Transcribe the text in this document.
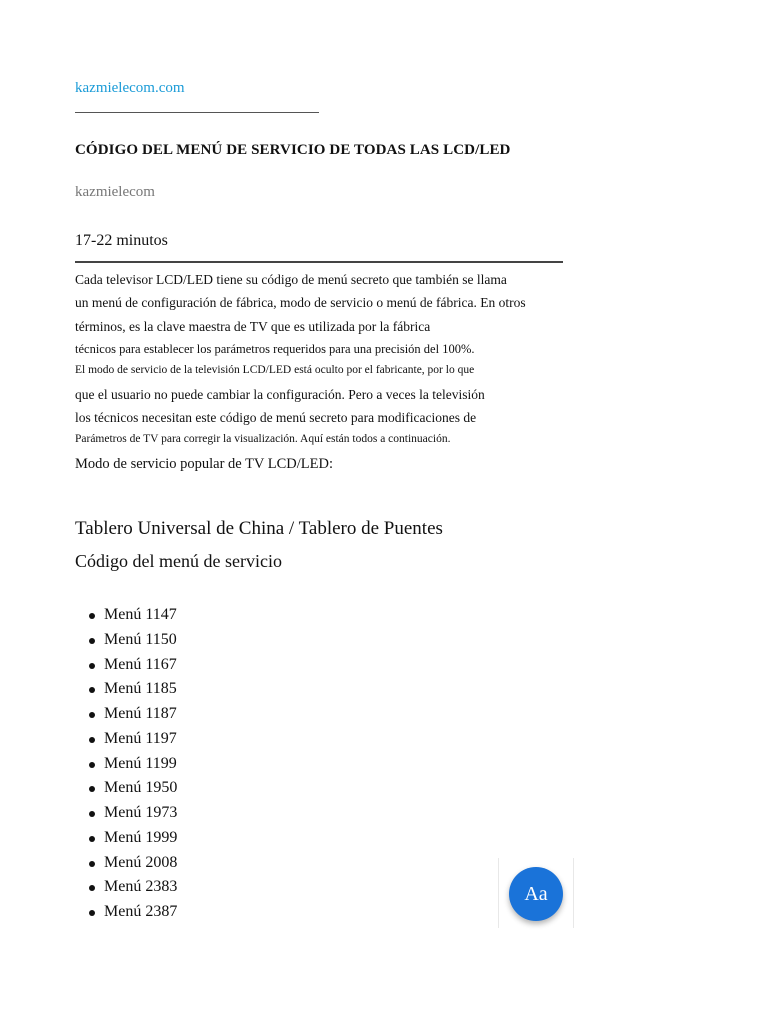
kazmielecom.com
CÓDIGO DEL MENÚ DE SERVICIO DE TODAS LAS LCD/LED
kazmielecom
17-22 minutos
Cada televisor LCD/LED tiene su código de menú secreto que también se llama
un menú de configuración de fábrica, modo de servicio o menú de fábrica. En otros
términos, es la clave maestra de TV que es utilizada por la fábrica
técnicos para establecer los parámetros requeridos para una precisión del 100%.
El modo de servicio de la televisión LCD/LED está oculto por el fabricante, por lo que
que el usuario no puede cambiar la configuración. Pero a veces la televisión
los técnicos necesitan este código de menú secreto para modificaciones de
Parámetros de TV para corregir la visualización. Aquí están todos a continuación.
Modo de servicio popular de TV LCD/LED:
Tablero Universal de China / Tablero de Puentes
Código del menú de servicio
Menú 1147
Menú 1150
Menú 1167
Menú 1185
Menú 1187
Menú 1197
Menú 1199
Menú 1950
Menú 1973
Menú 1999
Menú 2008
Menú 2383
Menú 2387
Aa
